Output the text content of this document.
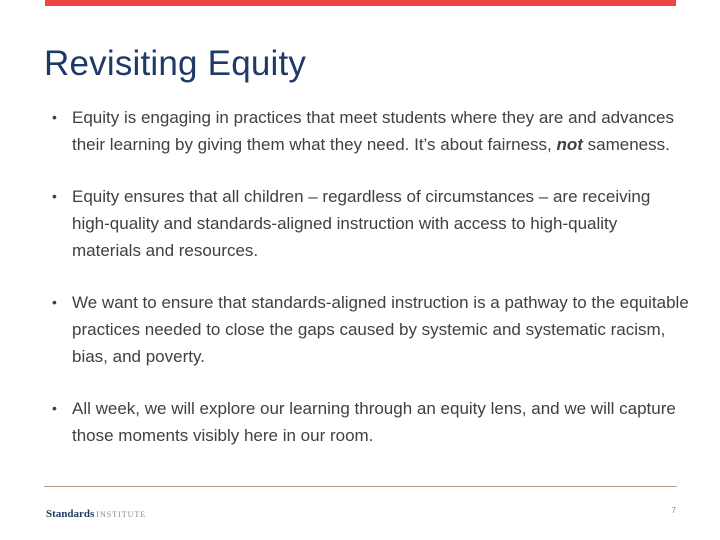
Revisiting Equity
• Equity is engaging in practices that meet students where they are and advances their learning by giving them what they need. It’s about fairness, not sameness.
• Equity ensures that all children – regardless of circumstances – are receiving high-quality and standards-aligned instruction with access to high-quality materials and resources.
• We want to ensure that standards-aligned instruction is a pathway to the equitable practices needed to close the gaps caused by systemic and systematic racism, bias, and poverty.
• All week, we will explore our learning through an equity lens, and we will capture those moments visibly here in our room.
Standards INSTITUTE	7
